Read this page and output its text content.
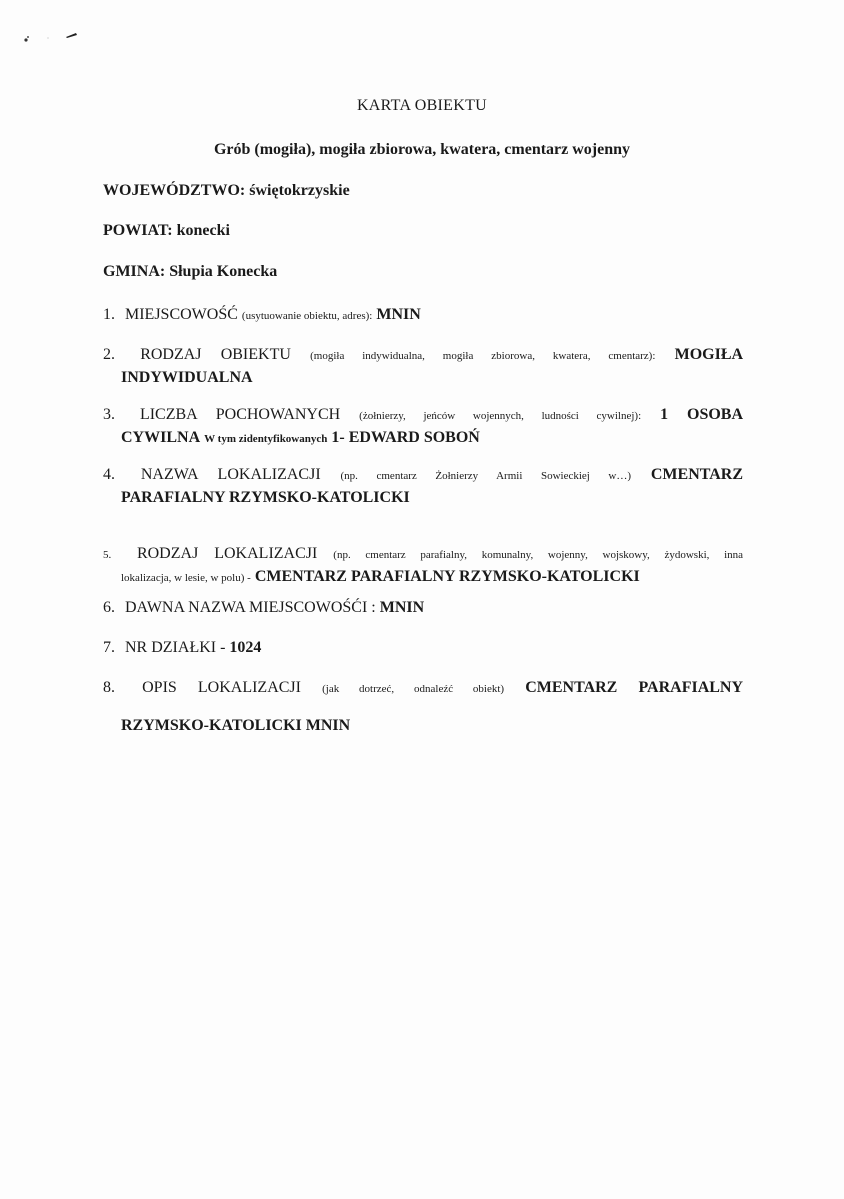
KARTA OBIEKTU
Grób (mogiła), mogiła zbiorowa, kwatera, cmentarz wojenny
WOJEWÓDZTWO: świętokrzyskie
POWIAT: konecki
GMINA: Słupia Konecka
1. MIEJSCOWOŚĆ (usytuowanie obiektu, adres): MNIN
2. RODZAJ OBIEKTU (mogiła indywidualna, mogiła zbiorowa, kwatera, cmentarz): MOGIŁA
INDYWIDUALNA
3. LICZBA POCHOWANYCH (żołnierzy, jeńców wojennych, ludności cywilnej): 1 OSOBA
CYWILNA W tym zidentyfikowanych 1- EDWARD SOBOŃ
4. NAZWA LOKALIZACJI (np. cmentarz Żołnierzy Armii Sowieckiej w…) CMENTARZ
PARAFIALNY RZYMSKO-KATOLICKI
5. RODZAJ LOKALIZACJI (np. cmentarz parafialny, komunalny, wojenny, wojskowy, żydowski, inna
lokalizacja, w lesie, w polu) - CMENTARZ PARAFIALNY RZYMSKO-KATOLICKI
6. DAWNA NAZWA MIEJSCOWOŚĆI : MNIN
7. NR DZIAŁKI - 1024
8. OPIS LOKALIZACJI (jak dotrzeć, odnaleźć obiekt) CMENTARZ PARAFIALNY
RZYMSKO-KATOLICKI MNIN
